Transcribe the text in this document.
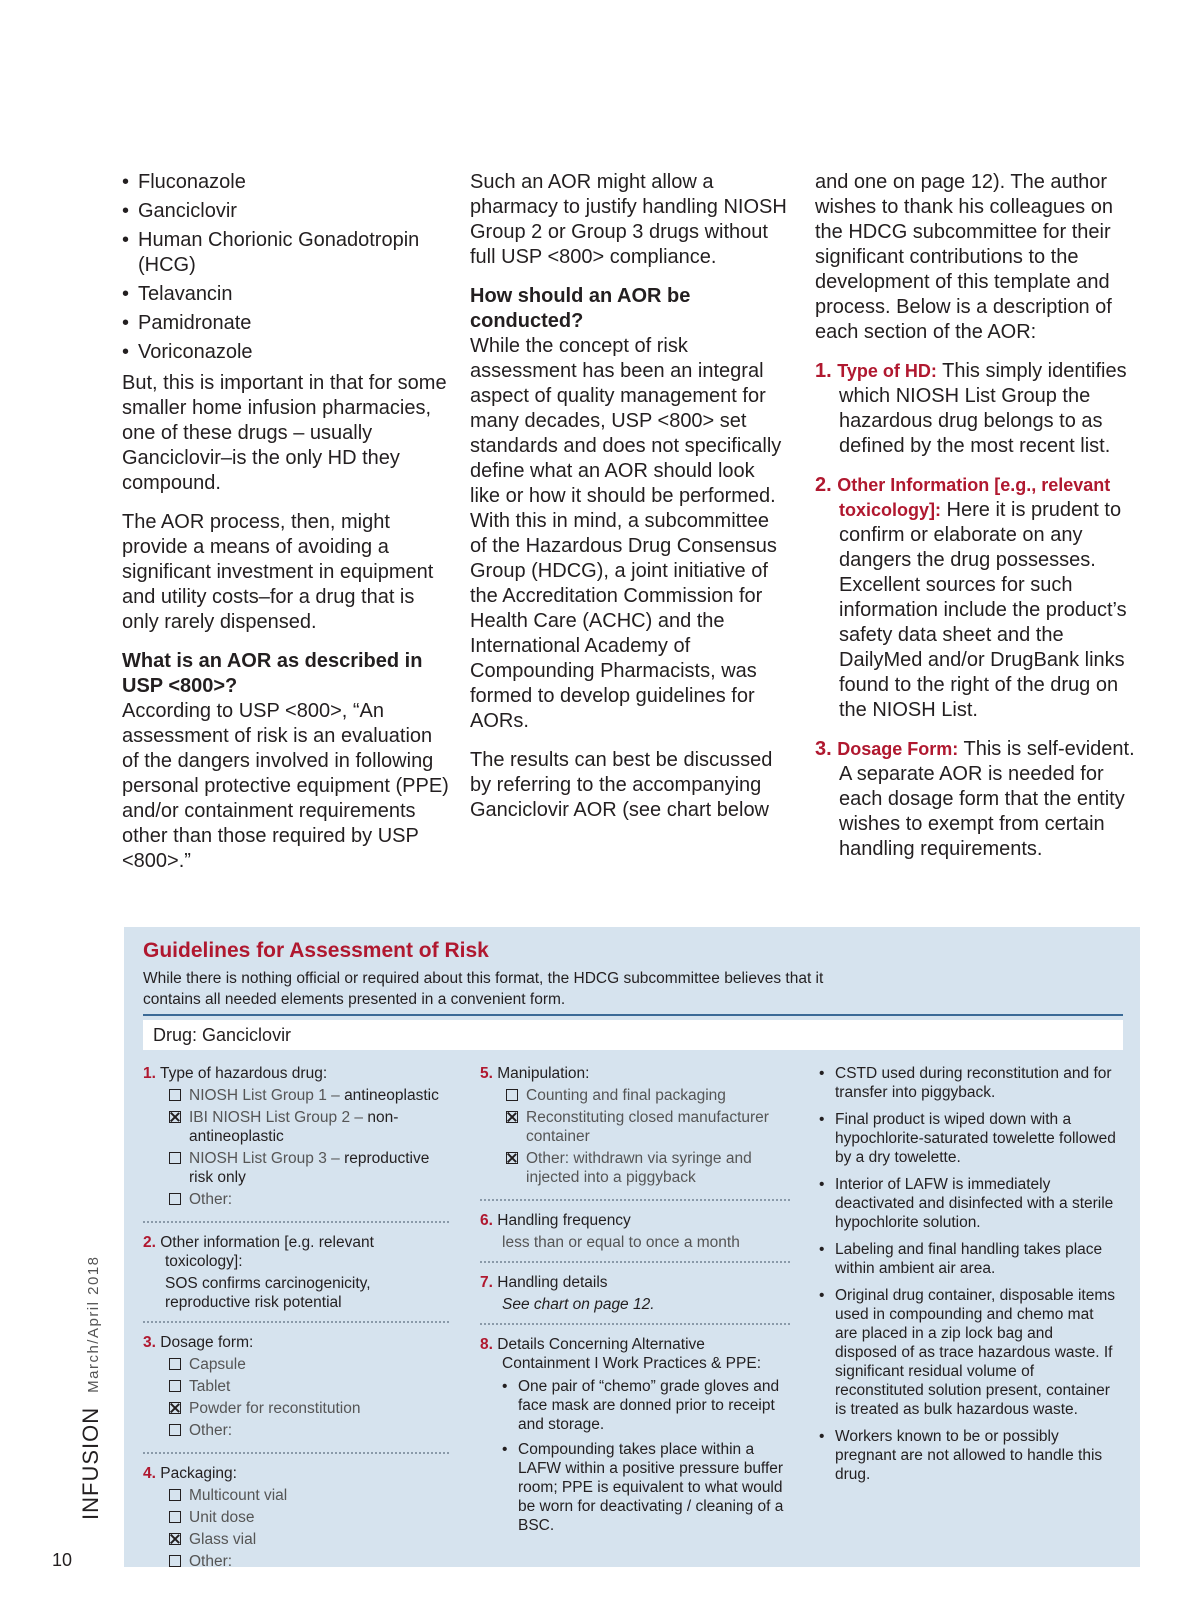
• Fluconazole
• Ganciclovir
• Human Chorionic Gonadotropin (HCG)
• Telavancin
• Pamidronate
• Voriconazole

But, this is important in that for some smaller home infusion pharmacies, one of these drugs – usually Ganciclovir–is the only HD they compound.

The AOR process, then, might provide a means of avoiding a significant investment in equipment and utility costs–for a drug that is only rarely dispensed.

What is an AOR as described in USP <800>?

According to USP <800>, “An assessment of risk is an evaluation of the dangers involved in following personal protective equipment (PPE) and/or containment requirements other than those required by USP <800>.”

Such an AOR might allow a pharmacy to justify handling NIOSH Group 2 or Group 3 drugs without full USP <800> compliance.

How should an AOR be conducted?

While the concept of risk assessment has been an integral aspect of quality management for many decades, USP <800> set standards and does not specifically define what an AOR should look like or how it should be performed. With this in mind, a subcommittee of the Hazardous Drug Consensus Group (HDCG), a joint initiative of the Accreditation Commission for Health Care (ACHC) and the International Academy of Compounding Pharmacists, was formed to develop guidelines for AORs.

The results can best be discussed by referring to the accompanying Ganciclovir AOR (see chart below

and one on page 12). The author wishes to thank his colleagues on the HDCG subcommittee for their significant contributions to the development of this template and process. Below is a description of each section of the AOR:

1. Type of HD: This simply identifies which NIOSH List Group the hazardous drug belongs to as defined by the most recent list.

2. Other Information [e.g., relevant toxicology]: Here it is prudent to confirm or elaborate on any dangers the drug possesses. Excellent sources for such information include the product’s safety data sheet and the DailyMed and/or DrugBank links found to the right of the drug on the NIOSH List.

3. Dosage Form: This is self-evident. A separate AOR is needed for each dosage form that the entity wishes to exempt from certain handling requirements.

Guidelines for Assessment of Risk

While there is nothing official or required about this format, the HDCG subcommittee believes that it contains all needed elements presented in a convenient form.

Drug: Ganciclovir

1. Type of hazardous drug:

NIOSH List Group 1 – antineoplastic

IBI NIOSH List Group 2 – non-antineoplastic

NIOSH List Group 3 – reproductive risk only

Other:

2. Other information [e.g. relevant toxicology]:

SOS confirms carcinogenicity, reproductive risk potential

3. Dosage form:

Capsule

Tablet

Powder for reconstitution

Other:

4. Packaging:

Multicount vial

Unit dose

Glass vial

Other:

5. Manipulation:

Counting and final packaging

Reconstituting closed manufacturer container

Other: withdrawn via syringe and injected into a piggyback

6. Handling frequency

less than or equal to once a month

7. Handling details

See chart on page 12.

8. Details Concerning Alternative Containment I Work Practices & PPE:

• One pair of “chemo” grade gloves and face mask are donned prior to receipt and storage.
• Compounding takes place within a LAFW within a positive pressure buffer room; PPE is equivalent to what would be worn for deactivating / cleaning of a BSC.
• CSTD used during reconstitution and for transfer into piggyback.
• Final product is wiped down with a hypochlorite-saturated towelette followed by a dry towelette.
• Interior of LAFW is immediately deactivated and disinfected with a sterile hypochlorite solution.
• Labeling and final handling takes place within ambient air area.
• Original drug container, disposable items used in compounding and chemo mat are placed in a zip lock bag and disposed of as trace hazardous waste. If significant residual volume of reconstituted solution present, container is treated as bulk hazardous waste.
• Workers known to be or possibly pregnant are not allowed to handle this drug.
INFUSION
March/April 2018
10
